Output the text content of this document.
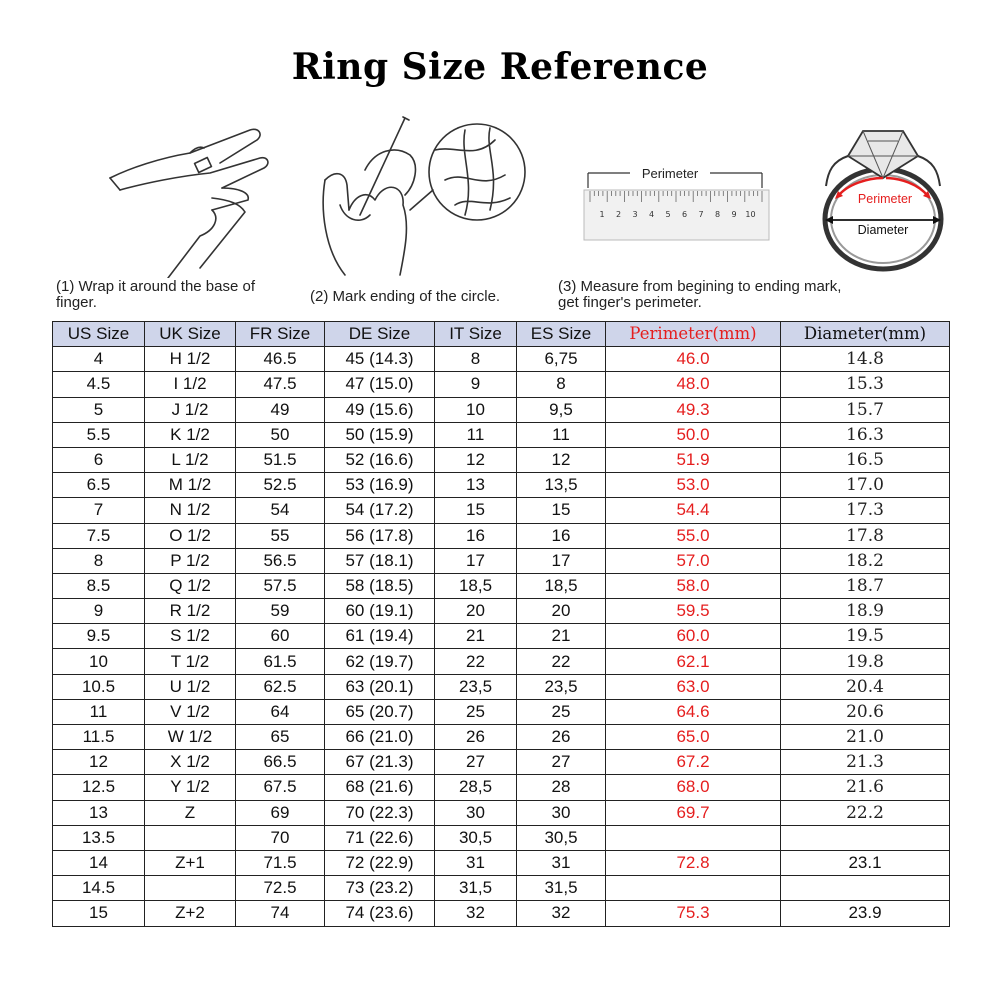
Ring Size Reference
Perimeter
1 2 3 4 5 6 7 8 9 10
Perimeter
Diameter
(1) Wrap it around the base of finger.	(2) Mark ending of the circle.
(3) Measure from begining to ending mark, get finger's perimeter.
US Size	UK Size	FR Size	DE Size	IT Size	ES Size	Perimeter(mm)	Diameter(mm)
4	H 1/2	46.5	45 (14.3)	8	6,75	46.0	14.8
4.5	I 1/2	47.5	47 (15.0)	9	8	48.0	15.3
5	J 1/2	49	49 (15.6)	10	9,5	49.3	15.7
5.5	K 1/2	50	50 (15.9)	11	11	50.0	16.3
6	L 1/2	51.5	52 (16.6)	12	12	51.9	16.5
6.5	M 1/2	52.5	53 (16.9)	13	13,5	53.0	17.0
7	N 1/2	54	54 (17.2)	15	15	54.4	17.3
7.5	O 1/2	55	56 (17.8)	16	16	55.0	17.8
8	P 1/2	56.5	57 (18.1)	17	17	57.0	18.2
8.5	Q 1/2	57.5	58 (18.5)	18,5	18,5	58.0	18.7
9	R 1/2	59	60 (19.1)	20	20	59.5	18.9
9.5	S 1/2	60	61 (19.4)	21	21	60.0	19.5
10	T 1/2	61.5	62 (19.7)	22	22	62.1	19.8
10.5	U 1/2	62.5	63 (20.1)	23,5	23,5	63.0	20.4
11	V 1/2	64	65 (20.7)	25	25	64.6	20.6
11.5	W 1/2	65	66 (21.0)	26	26	65.0	21.0
12	X 1/2	66.5	67 (21.3)	27	27	67.2	21.3
12.5	Y 1/2	67.5	68 (21.6)	28,5	28	68.0	21.6
13	Z	69	70 (22.3)	30	30	69.7	22.2
13.5		70	71 (22.6)	30,5	30,5		
14	Z+1	71.5	72 (22.9)	31	31	72.8	23.1
14.5		72.5	73 (23.2)	31,5	31,5		
15	Z+2	74	74 (23.6)	32	32	75.3	23.9
